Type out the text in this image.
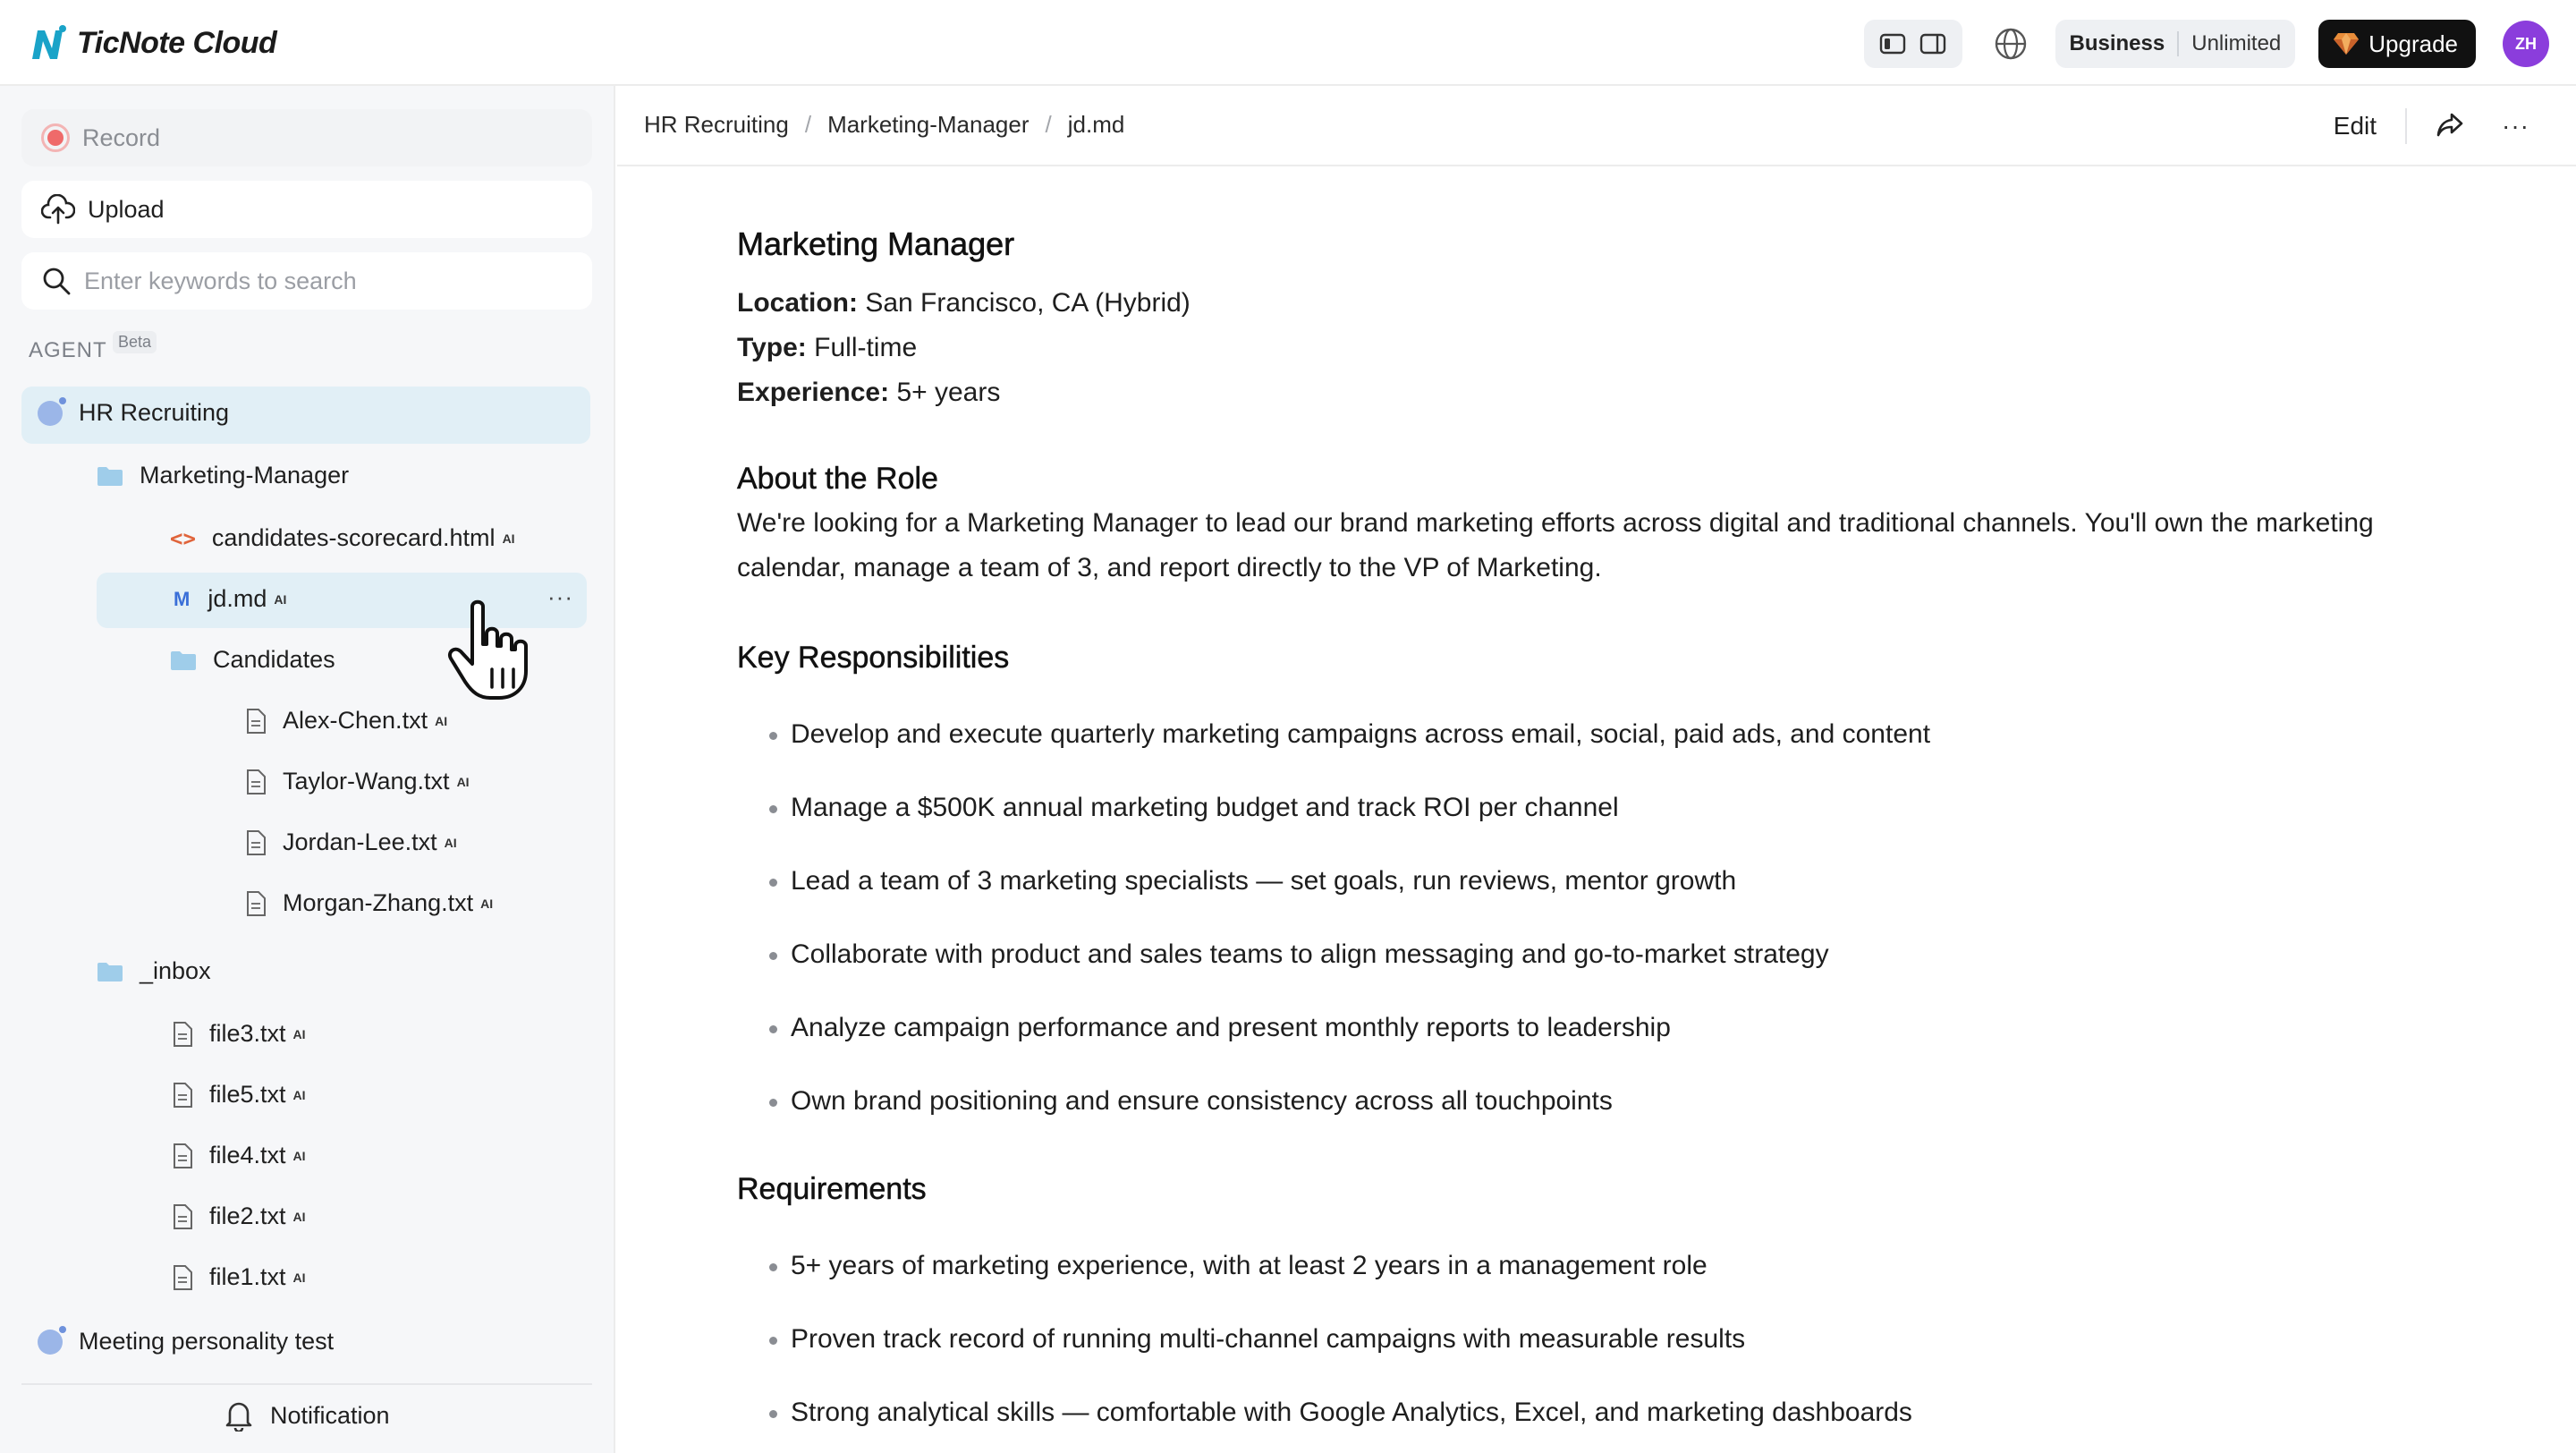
TicNote Cloud	Business	Unlimited	Upgrade	ZH
Record
Upload
Enter keywords to search
AGENT Beta
HR Recruiting
Marketing-Manager
<> candidates-scorecard.html AI
M jd.md AI	···
Candidates
Alex-Chen.txt AI
Taylor-Wang.txt AI
Jordan-Lee.txt AI
Morgan-Zhang.txt AI
_inbox
file3.txt AI
file5.txt AI
file4.txt AI
file2.txt AI
file1.txt AI
Meeting personality test
Notification
HR Recruiting / Marketing-Manager / jd.md	Edit	···
Marketing Manager
Location: San Francisco, CA (Hybrid)
Type: Full-time
Experience: 5+ years
About the Role
We're looking for a Marketing Manager to lead our brand marketing efforts across digital and traditional channels. You'll own the marketing calendar, manage a team of 3, and report directly to the VP of Marketing.
Key Responsibilities
Develop and execute quarterly marketing campaigns across email, social, paid ads, and content
Manage a $500K annual marketing budget and track ROI per channel
Lead a team of 3 marketing specialists — set goals, run reviews, mentor growth
Collaborate with product and sales teams to align messaging and go-to-market strategy
Analyze campaign performance and present monthly reports to leadership
Own brand positioning and ensure consistency across all touchpoints
Requirements
5+ years of marketing experience, with at least 2 years in a management role
Proven track record of running multi-channel campaigns with measurable results
Strong analytical skills — comfortable with Google Analytics, Excel, and marketing dashboards
